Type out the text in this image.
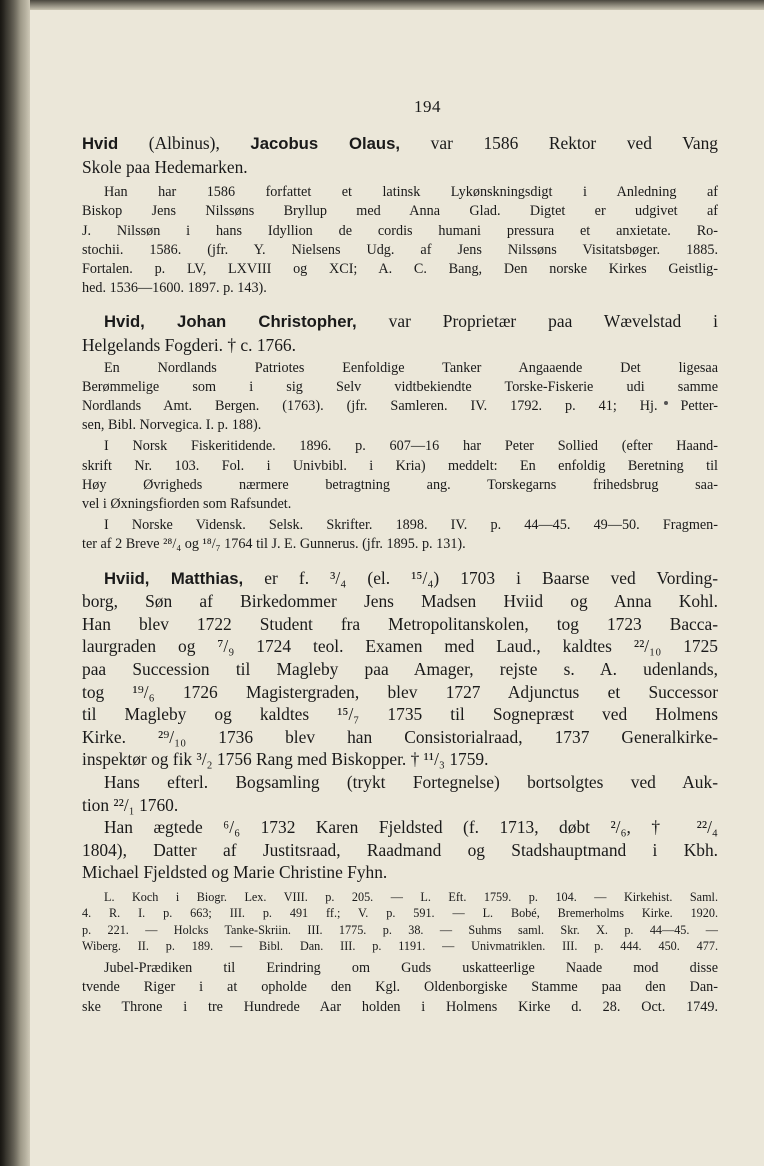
194
Hvid (Albinus), Jacobus Olaus, var 1586 Rektor ved Vang
Skole paa Hedemarken.
Han har 1586 forfattet et latinsk Lykønskningsdigt i Anledning af
Biskop Jens Nilssøns Bryllup med Anna Glad. Digtet er udgivet af
J. Nilssøn i hans Idyllion de cordis humani pressura et anxietate. Ro-
stochii. 1586. (jfr. Y. Nielsens Udg. af Jens Nilssøns Visitatsbøger. 1885.
Fortalen. p. LV, LXVIII og XCI; A. C. Bang, Den norske Kirkes Geistlig-
hed. 1536—1600. 1897. p. 143).
Hvid, Johan Christopher, var Proprietær paa Wævelstad i
Helgelands Fogderi. † c. 1766.
En Nordlands Patriotes Eenfoldige Tanker Angaaende Det ligesaa
Berømmelige som i sig Selv vidtbekiendte Torske-Fiskerie udi samme
Nordlands Amt. Bergen. (1763). (jfr. Samleren. IV. 1792. p. 41; Hj. Petter-
sen, Bibl. Norvegica. I. p. 188).
I Norsk Fiskeritidende. 1896. p. 607—16 har Peter Sollied (efter Haand-
skrift Nr. 103. Fol. i Univbibl. i Kria) meddelt: En enfoldig Beretning til
Høy Øvrigheds nærmere betragtning ang. Torskegarns frihedsbrug saa-
vel i Øxningsfiorden som Rafsundet.
I Norske Vidensk. Selsk. Skrifter. 1898. IV. p. 44—45. 49—50. Fragmen-
ter af 2 Breve ²⁸/₄ og ¹⁸/₇ 1764 til J. E. Gunnerus. (jfr. 1895. p. 131).
Hviid, Matthias, er f. ³/₄ (el. ¹⁵/₄) 1703 i Baarse ved Vording-
borg, Søn af Birkedommer Jens Madsen Hviid og Anna Kohl.
Han blev 1722 Student fra Metropolitanskolen, tog 1723 Bacca-
laurgraden og ⁷/₉ 1724 teol. Examen med Laud., kaldtes ²²/₁₀ 1725
paa Succession til Magleby paa Amager, rejste s. A. udenlands,
tog ¹⁹/₆ 1726 Magistergraden, blev 1727 Adjunctus et Successor
til Magleby og kaldtes ¹⁵/₇ 1735 til Sognepræst ved Holmens
Kirke. ²⁹/₁₀ 1736 blev han Consistorialraad, 1737 Generalkirke-
inspektør og fik ³/₂ 1756 Rang med Biskopper. † ¹¹/₃ 1759.
Hans efterl. Bogsamling (trykt Fortegnelse) bortsolgtes ved Auk-
tion ²²/₁ 1760.
Han ægtede ⁶/₆ 1732 Karen Fjeldsted (f. 1713, døbt ²/₆, † ²²/₄
1804), Datter af Justitsraad, Raadmand og Stadshauptmand i Kbh.
Michael Fjeldsted og Marie Christine Fyhn.
L. Koch i Biogr. Lex. VIII. p. 205. — L. Eft. 1759. p. 104. — Kirkehist. Saml.
4. R. I. p. 663; III. p. 491 ff.; V. p. 591. — L. Bobé, Bremerholms Kirke. 1920.
p. 221. — Holcks Tanke-Skriin. III. 1775. p. 38. — Suhms saml. Skr. X. p. 44—45. —
Wiberg. II. p. 189. — Bibl. Dan. III. p. 1191. — Univmatriklen. III. p. 444. 450. 477.
Jubel-Prædiken til Erindring om Guds uskatteerlige Naade mod disse
tvende Riger i at opholde den Kgl. Oldenborgiske Stamme paa den Dan-
ske Throne i tre Hundrede Aar holden i Holmens Kirke d. 28. Oct. 1749.
